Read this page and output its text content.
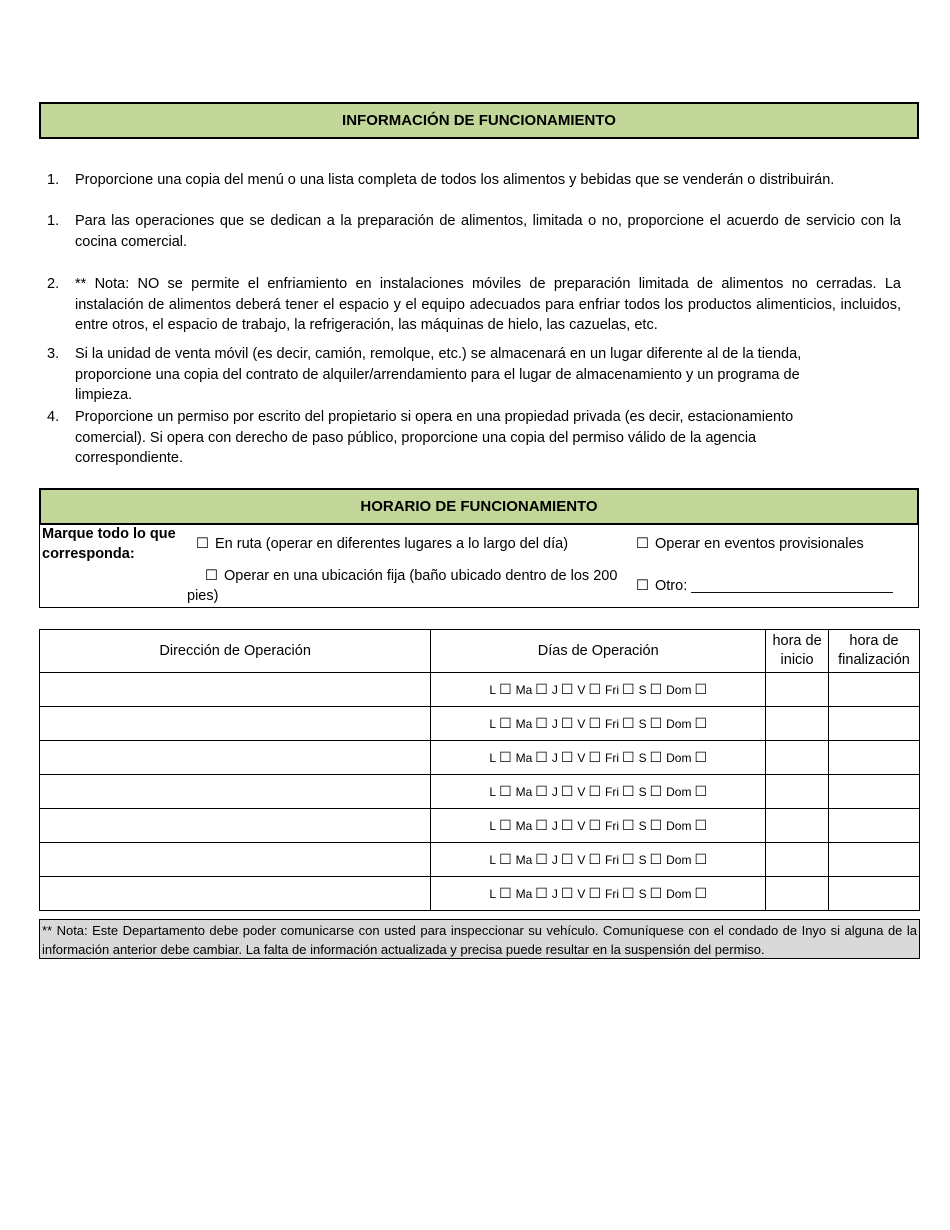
INFORMACIÓN DE FUNCIONAMIENTO
1. Proporcione una copia del menú o una lista completa de todos los alimentos y bebidas que se venderán o distribuirán.
1. Para las operaciones que se dedican a la preparación de alimentos, limitada o no, proporcione el acuerdo de servicio con la cocina comercial.
2. ** Nota: NO se permite el enfriamiento en instalaciones móviles de preparación limitada de alimentos no cerradas. La instalación de alimentos deberá tener el espacio y el equipo adecuados para enfriar todos los productos alimenticios, incluidos, entre otros, el espacio de trabajo, la refrigeración, las máquinas de hielo, las cazuelas, etc.
3. Si la unidad de venta móvil (es decir, camión, remolque, etc.) se almacenará en un lugar diferente al de la tienda, proporcione una copia del contrato de alquiler/arrendamiento para el lugar de almacenamiento y un programa de limpieza.
4. Proporcione un permiso por escrito del propietario si opera en una propiedad privada (es decir, estacionamiento comercial). Si opera con derecho de paso público, proporcione una copia del permiso válido de la agencia correspondiente.
HORARIO DE FUNCIONAMIENTO
Marque todo lo que corresponda:
☐ En ruta (operar en diferentes lugares a lo largo del día)	☐ Operar en eventos provisionales
☐ Operar en una ubicación fija (baño ubicado dentro de los 200 pies)
☐ Otro: _________________________
Dirección de Operación	Días de Operación	hora de inicio	hora de finalización
	L ☐ Ma ☐ J ☐ V ☐ Fri ☐ S ☐ Dom ☐		
	L ☐ Ma ☐ J ☐ V ☐ Fri ☐ S ☐ Dom ☐		
	L ☐ Ma ☐ J ☐ V ☐ Fri ☐ S ☐ Dom ☐		
	L ☐ Ma ☐ J ☐ V ☐ Fri ☐ S ☐ Dom ☐		
	L ☐ Ma ☐ J ☐ V ☐ Fri ☐ S ☐ Dom ☐		
	L ☐ Ma ☐ J ☐ V ☐ Fri ☐ S ☐ Dom ☐		
	L ☐ Ma ☐ J ☐ V ☐ Fri ☐ S ☐ Dom ☐		
** Nota: Este Departamento debe poder comunicarse con usted para inspeccionar su vehículo. Comuníquese con el condado de Inyo si alguna de la información anterior debe cambiar. La falta de información actualizada y precisa puede resultar en la suspensión del permiso.
